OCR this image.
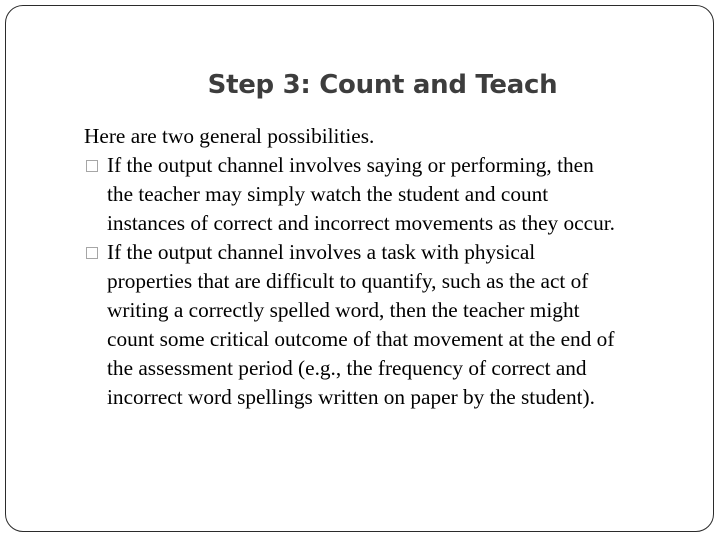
Step 3: Count and Teach
Here are two general possibilities.
If the output channel involves saying or performing, then
the teacher may simply watch the student and count
instances of correct and incorrect movements as they occur.
If the output channel involves a task with physical
properties that are difficult to quantify, such as the act of
writing a correctly spelled word, then the teacher might
count some critical outcome of that movement at the end of
the assessment period (e.g., the frequency of correct and
incorrect word spellings written on paper by the student).
